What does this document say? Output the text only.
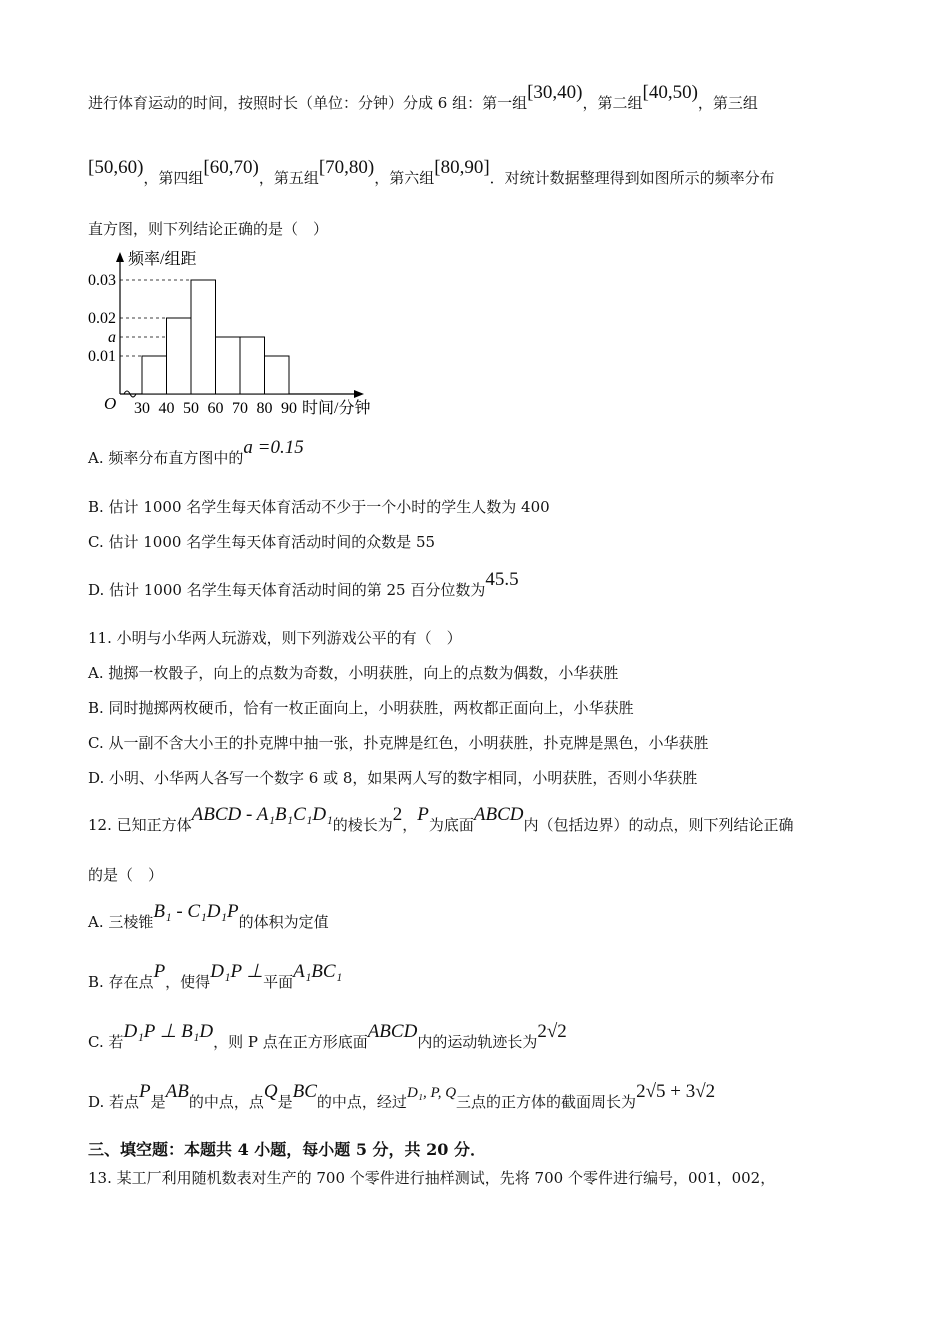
进行体育运动的时间，按照时长（单位：分钟）分成 6 组：第一组[30,40)，第二组[40,50)，第三组
[50,60)，第四组[60,70)，第五组[70,80)，第六组[80,90]．对统计数据整理得到如图所示的频率分布
直方图，则下列结论正确的是（　）
0.03
0.02
a
0.01
30 40 50 60 70 80 90
O
频率/组距
时间/分钟
A. 频率分布直方图中的a =0.15
B. 估计 1000 名学生每天体育活动不少于一个小时的学生人数为 400
C. 估计 1000 名学生每天体育活动时间的众数是 55
D. 估计 1000 名学生每天体育活动时间的第 25 百分位数为45.5
11. 小明与小华两人玩游戏，则下列游戏公平的有（　）
A. 抛掷一枚骰子，向上的点数为奇数，小明获胜，向上的点数为偶数，小华获胜
B. 同时抛掷两枚硬币，恰有一枚正面向上，小明获胜，两枚都正面向上，小华获胜
C. 从一副不含大小王的扑克牌中抽一张，扑克牌是红色，小明获胜，扑克牌是黑色，小华获胜
D. 小明、小华两人各写一个数字 6 或 8，如果两人写的数字相同，小明获胜，否则小华获胜
12. 已知正方体ABCD - A₁B₁C₁D₁的棱长为2，P为底面ABCD内（包括边界）的动点，则下列结论正确
的是（　）
A. 三棱锥B₁ - C₁D₁P的体积为定值
B. 存在点P，使得D₁P ⊥平面A₁BC₁
C. 若D₁P ⊥ B₁D，则 P 点在正方形底面ABCD内的运动轨迹长为2√2
D. 若点P是AB的中点，点Q是BC的中点，经过D₁, P, Q三点的正方体的截面周长为2√5 + 3√2
三、填空题：本题共 4 小题，每小题 5 分，共 20 分．
13. 某工厂利用随机数表对生产的 700 个零件进行抽样测试，先将 700 个零件进行编号，001，002，
